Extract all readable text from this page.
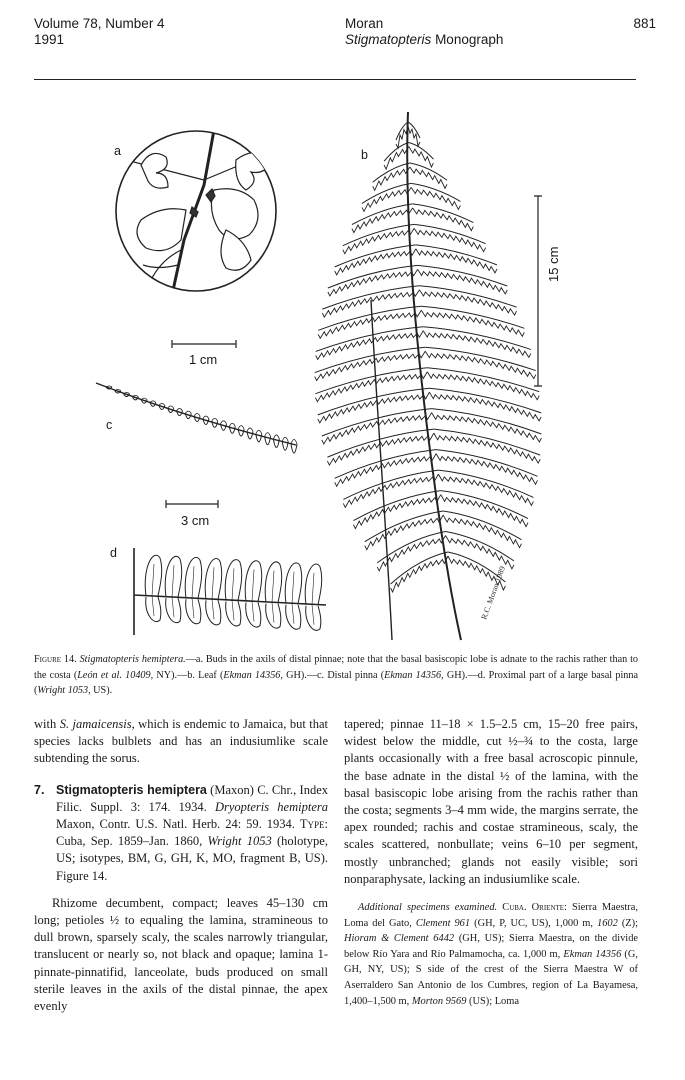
Volume 78, Number 4
1991
Moran
Stigmatopteris Monograph
881
R.C. Moran 1989
a	b
c
d
1 cm
15 cm
3 cm
Figure 14. Stigmatopteris hemiptera.—a. Buds in the axils of distal pinnae; note that the basal basiscopic lobe is adnate to the rachis rather than to the costa (León et al. 10409, NY).—b. Leaf (Ekman 14356, GH).—c. Distal pinna (Ekman 14356, GH).—d. Proximal part of a large basal pinna (Wright 1053, US).

with S. jamaicensis, which is endemic to Jamaica, but that species lacks bulblets and has an indusiumlike scale subtending the sorus.

7. Stigmatopteris hemiptera (Maxon) C. Chr., Index Filic. Suppl. 3: 174. 1934. Dryopteris hemiptera Maxon, Contr. U.S. Natl. Herb. 24: 59. 1934. Type: Cuba, Sep. 1859–Jan. 1860, Wright 1053 (holotype, US; isotypes, BM, G, GH, K, MO, fragment B, US). Figure 14.

Rhizome decumbent, compact; leaves 45–130 cm long; petioles ½ to equaling the lamina, stramineous to dull brown, sparsely scaly, the scales narrowly triangular, translucent or nearly so, not black and opaque; lamina 1-pinnate-pinnatifid, lanceolate, buds produced on small sterile leaves in the axils of the distal pinnae, the apex evenly

tapered; pinnae 11–18 × 1.5–2.5 cm, 15–20 free pairs, widest below the middle, cut ½–¾ to the costa, large plants occasionally with a free basal acroscopic pinnule, the base adnate in the distal ½ of the lamina, with the basal basiscopic lobe arising from the rachis rather than the costa; segments 3–4 mm wide, the margins serrate, the apex rounded; rachis and costae stramineous, scaly, the scales scattered, nonbullate; veins 6–10 per segment, mostly unbranched; glands not easily visible; sori nonparaphysate, lacking an indusiumlike scale.

Additional specimens examined. Cuba. Oriente: Sierra Maestra, Loma del Gato, Clement 961 (GH, P, UC, US), 1,000 m, 1602 (Z); Hioram & Clement 6442 (GH, US); Sierra Maestra, on the divide below Río Yara and Río Palmamocha, ca. 1,000 m, Ekman 14356 (G, GH, NY, US); S side of the crest of the Sierra Maestra W of Aserraldero San Antonio de los Cumbres, region of La Bayamesa, 1,400–1,500 m, Morton 9569 (US); Loma
